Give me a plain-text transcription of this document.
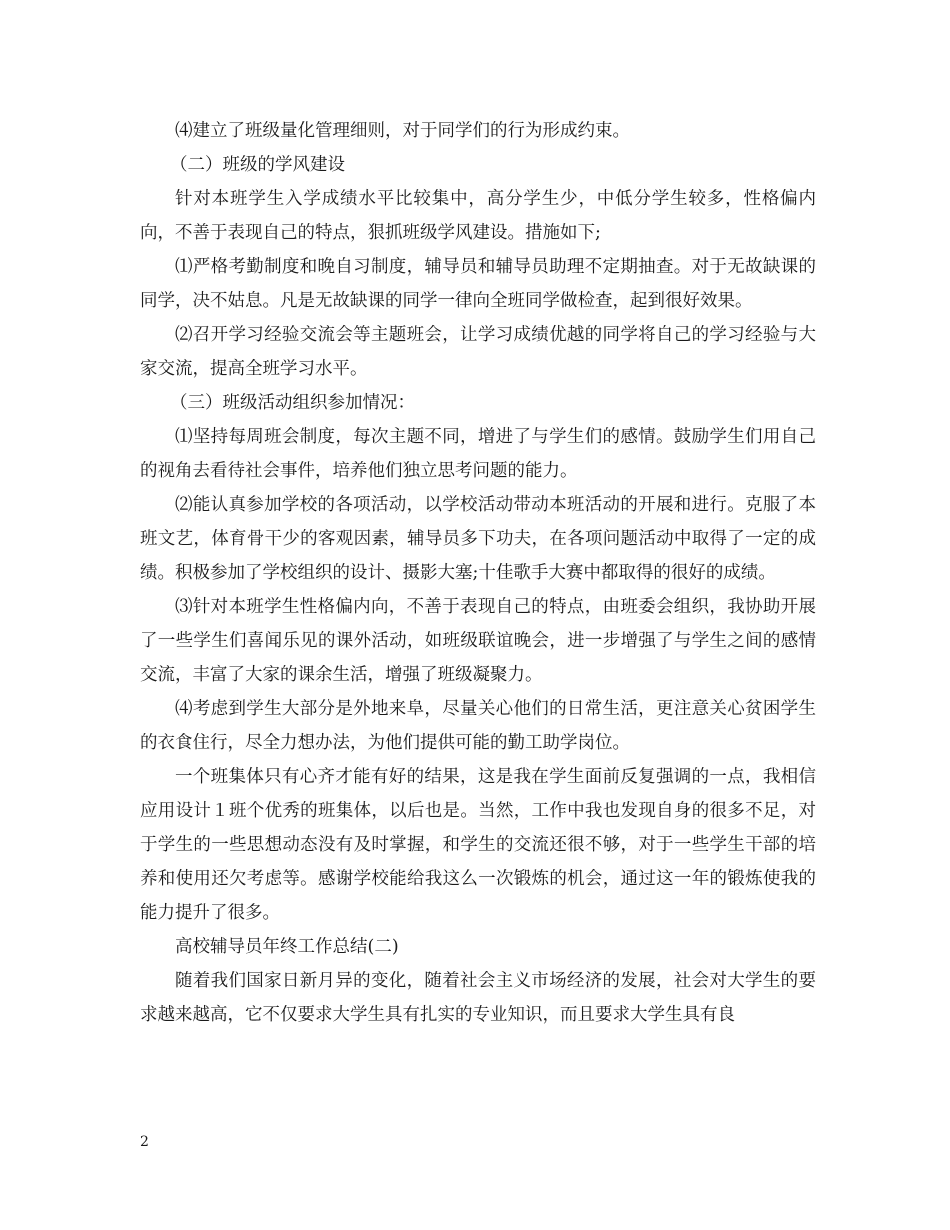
⑷建立了班级量化管理细则，对于同学们的行为形成约束。

（二）班级的学风建设

针对本班学生入学成绩水平比较集中，高分学生少，中低分学生较多，性格偏内向，不善于表现自己的特点，狠抓班级学风建设。措施如下;

⑴严格考勤制度和晚自习制度，辅导员和辅导员助理不定期抽查。对于无故缺课的同学，决不姑息。凡是无故缺课的同学一律向全班同学做检查，起到很好效果。

⑵召开学习经验交流会等主题班会，让学习成绩优越的同学将自己的学习经验与大家交流，提高全班学习水平。

（三）班级活动组织参加情况：

⑴坚持每周班会制度，每次主题不同，增进了与学生们的感情。鼓励学生们用自己的视角去看待社会事件，培养他们独立思考问题的能力。

⑵能认真参加学校的各项活动，以学校活动带动本班活动的开展和进行。克服了本班文艺，体育骨干少的客观因素，辅导员多下功夫，在各项问题活动中取得了一定的成绩。积极参加了学校组织的设计、摄影大塞;十佳歌手大赛中都取得的很好的成绩。

⑶针对本班学生性格偏内向，不善于表现自己的特点，由班委会组织，我协助开展了一些学生们喜闻乐见的课外活动，如班级联谊晚会，进一步增强了与学生之间的感情交流，丰富了大家的课余生活，增强了班级凝聚力。

⑷考虑到学生大部分是外地来阜，尽量关心他们的日常生活，更注意关心贫困学生的衣食住行，尽全力想办法，为他们提供可能的勤工助学岗位。

一个班集体只有心齐才能有好的结果，这是我在学生面前反复强调的一点，我相信应用设计１班个优秀的班集体，以后也是。当然，工作中我也发现自身的很多不足，对于学生的一些思想动态没有及时掌握，和学生的交流还很不够，对于一些学生干部的培养和使用还欠考虑等。感谢学校能给我这么一次锻炼的机会，通过这一年的锻炼使我的能力提升了很多。

高校辅导员年终工作总结(二)

随着我们国家日新月异的变化，随着社会主义市场经济的发展，社会对大学生的要求越来越高，它不仅要求大学生具有扎实的专业知识，而且要求大学生具有良

2
